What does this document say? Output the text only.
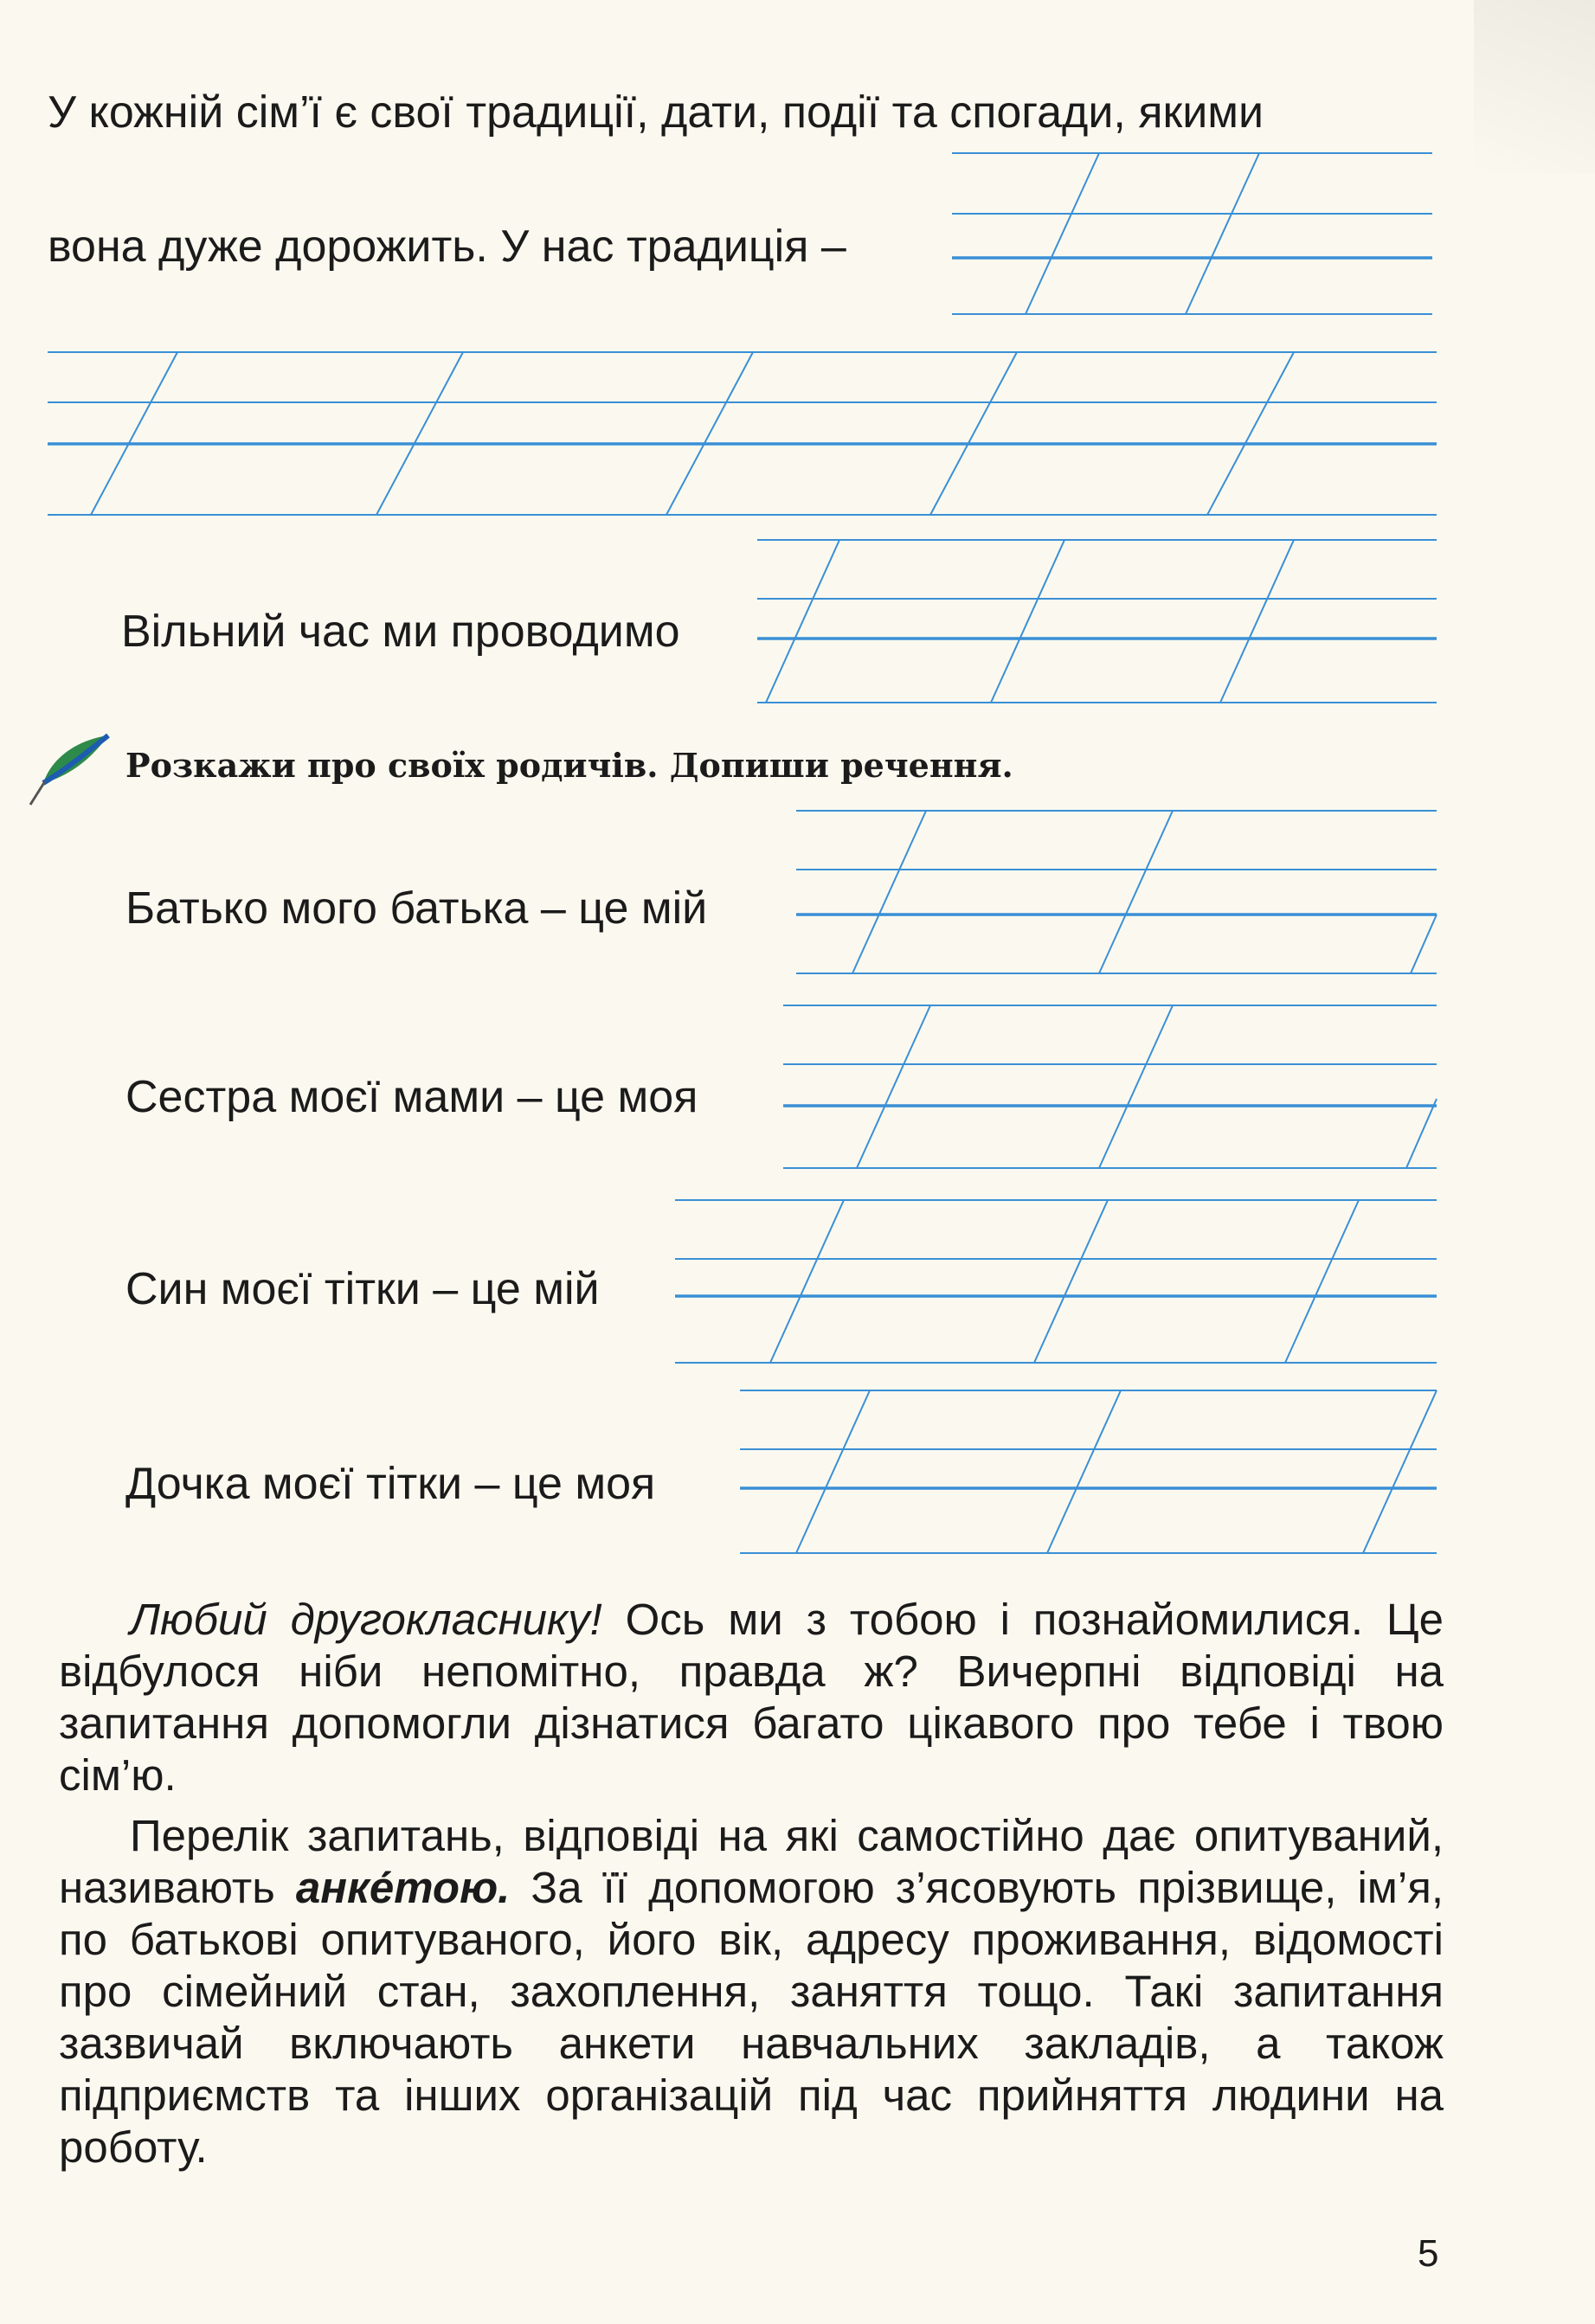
У кожній сім’ї є свої традиції, дати, події та спогади, якими
вона дуже дорожить. У нас традиція –
Вільний час ми проводимо
Розкажи про своїх родичів. Допиши речення.
Батько мого батька – це мій
Сестра моєї мами – це моя
Син моєї тітки – це мій
Дочка моєї тітки – це моя

Любий другокласнику! Ось ми з тобою і познайомилися. Це відбулося ніби непомітно, правда ж? Вичерпні відповіді на запитання допомогли дізнатися багато цікавого про тебе і твою сім’ю.

Перелік запитань, відповіді на які самостійно дає опитуваний, називають анке́тою. За її допомогою з’ясовують прізвище, ім’я, по батькові опитуваного, його вік, адресу проживання, відомості про сімейний стан, захоплення, заняття тощо. Такі запитання зазвичай включають анкети навчальних закладів, а також підприємств та інших організацій під час прийняття людини на роботу.

5
